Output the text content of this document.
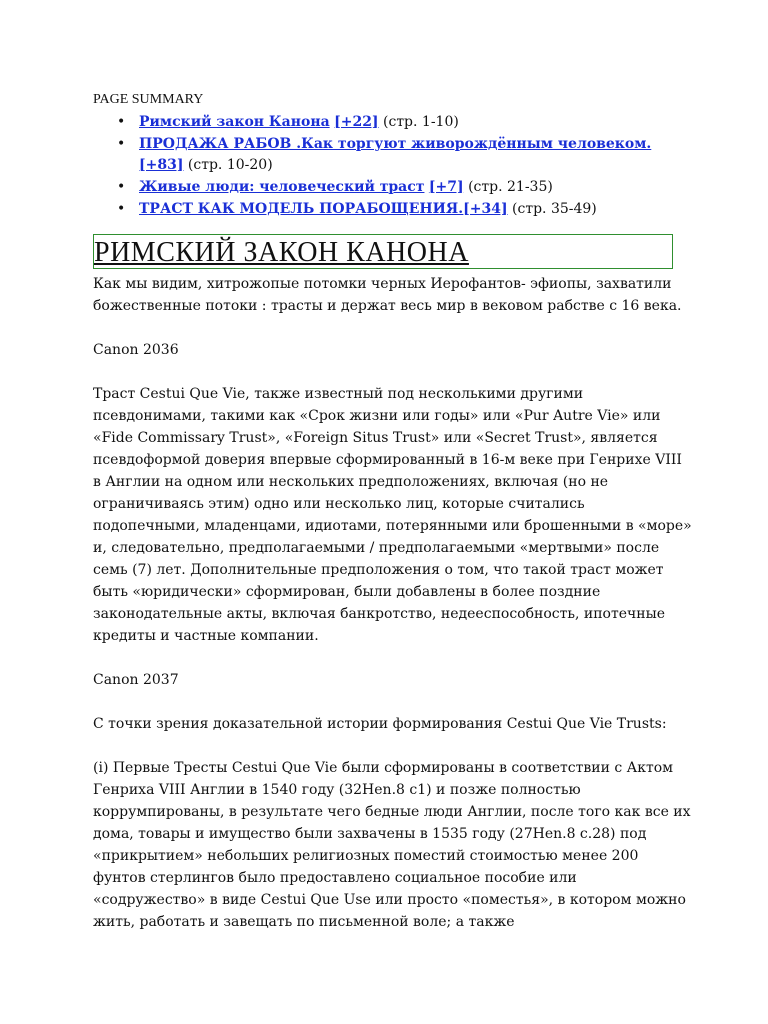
PAGE SUMMARY

• Римский закон Канона [+22] (стр. 1-10)
• ПРОДАЖА РАБОВ .Как торгуют живорождённым человеком. [+83] (стр. 10-20)
• Живые люди: человеческий траст [+7] (стр. 21-35)
• ТРАСТ КАК МОДЕЛЬ ПОРАБОЩЕНИЯ.[+34] (стр. 35-49)
РИМСКИЙ ЗАКОН КАНОНА

Как мы видим, хитрожопые потомки черных Иерофантов- эфиопы, захватили божественные потоки : трасты и держат весь мир в вековом рабстве с 16 века.

Canon 2036

Траст Cestui Que Vie, также известный под несколькими другими псевдонимами, такими как «Срок жизни или годы» или «Pur Autre Vie» или «Fide Commissary Trust», «Foreign Situs Trust» или «Secret Trust», является псевдоформой доверия впервые сформированный в 16-м веке при Генрихе VIII в Англии на одном или нескольких предположениях, включая (но не ограничиваясь этим) одно или несколько лиц, которые считались подопечными, младенцами, идиотами, потерянными или брошенными в «море» и, следовательно, предполагаемыми / предполагаемыми «мертвыми» после семь (7) лет. Дополнительные предположения о том, что такой траст может быть «юридически» сформирован, были добавлены в более поздние законодательные акты, включая банкротство, недееспособность, ипотечные кредиты и частные компании.

Canon 2037

С точки зрения доказательной истории формирования Cestui Que Vie Trusts:

(i) Первые Тресты Cestui Que Vie были сформированы в соответствии с Актом Генриха VIII Англии в 1540 году (32Hen.8 c1) и позже полностью коррумпированы, в результате чего бедные люди Англии, после того как все их дома, товары и имущество были захвачены в 1535 году (27Hen.8 c.28) под «прикрытием» небольших религиозных поместий стоимостью менее 200 фунтов стерлингов было предоставлено социальное пособие или «содружество» в виде Cestui Que Use или просто «поместья», в котором можно жить, работать и завещать по письменной воле; а также
